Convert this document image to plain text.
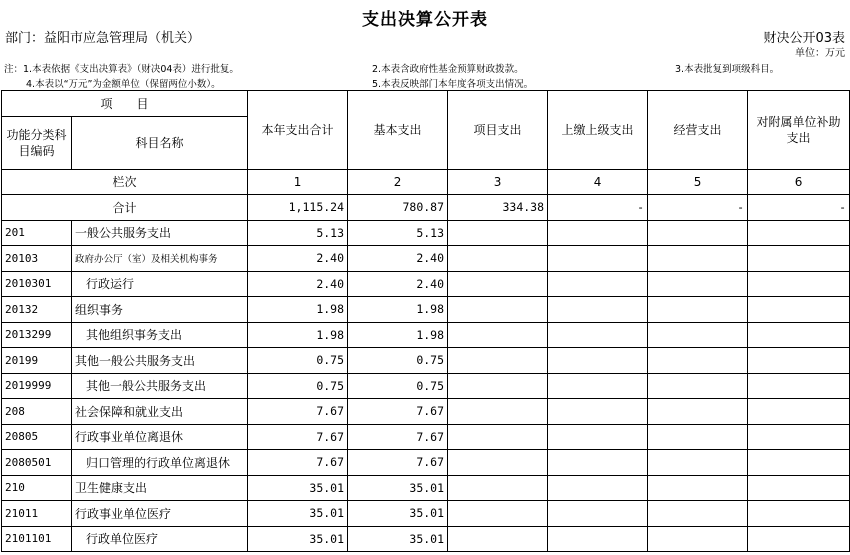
支出决算公开表
部门：益阳市应急管理局（机关）	财决公开03表
单位：万元
注：1.本表依据《支出决算表》（财决04表）进行批复。	2.本表含政府性基金预算财政拨款。	3.本表批复到项级科目。
4.本表以“万元”为金额单位（保留两位小数）。	5.本表反映部门本年度各项支出情况。
项　　目		本年支出合计	基本支出	项目支出	上缴上级支出	经营支出	对附属单位补助支出
功能分类科目编码	科目名称						
栏次		1	2	3	4	5	6
合计		1,115.24	780.87	334.38	-	-	-
201	一般公共服务支出	5.13	5.13				
20103	政府办公厅（室）及相关机构事务	2.40	2.40				
2010301	行政运行	2.40	2.40				
20132	组织事务	1.98	1.98				
2013299	其他组织事务支出	1.98	1.98				
20199	其他一般公共服务支出	0.75	0.75				
2019999	其他一般公共服务支出	0.75	0.75				
208	社会保障和就业支出	7.67	7.67				
20805	行政事业单位离退休	7.67	7.67				
2080501	归口管理的行政单位离退休	7.67	7.67				
210	卫生健康支出	35.01	35.01				
21011	行政事业单位医疗	35.01	35.01				
2101101	行政单位医疗	35.01	35.01				
